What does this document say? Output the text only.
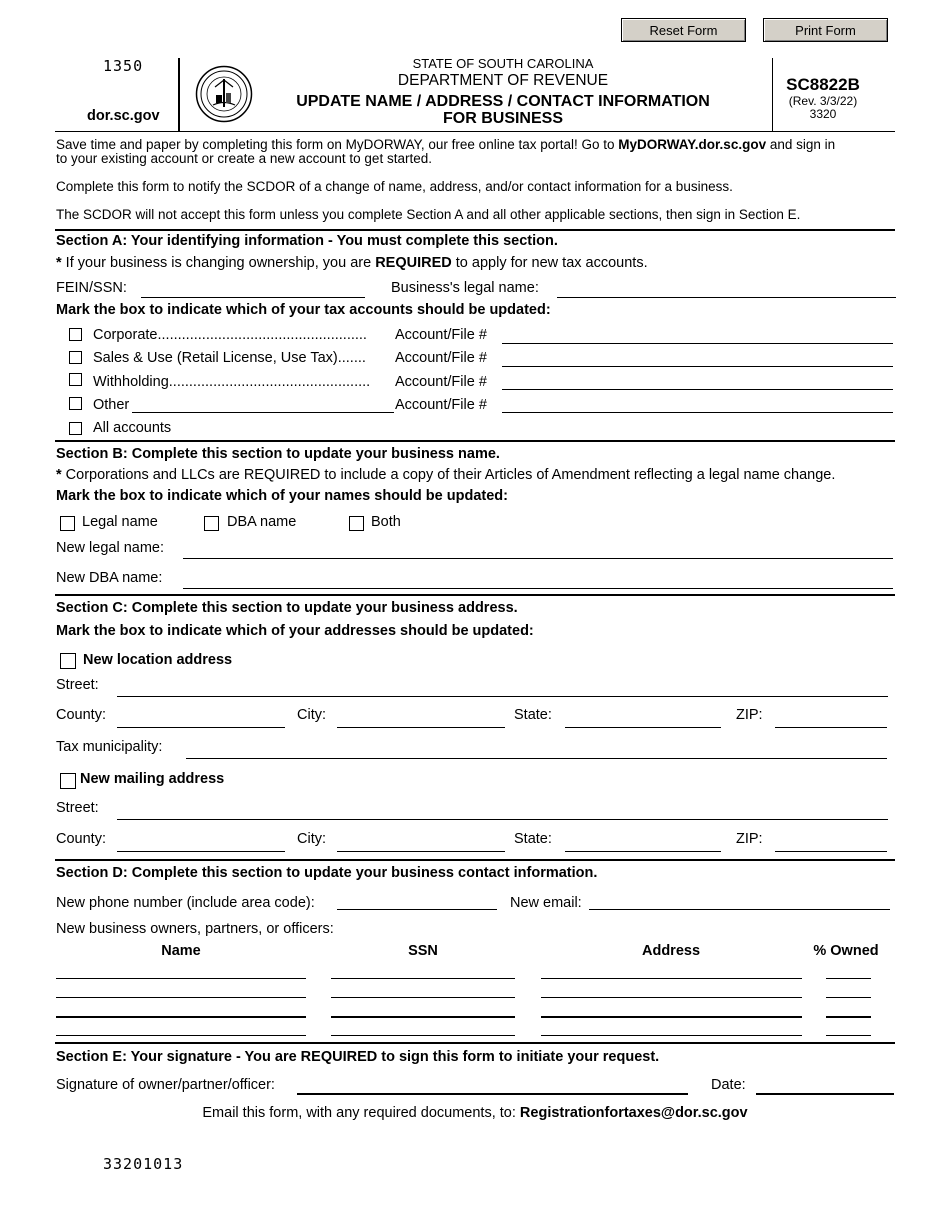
Reset Form	Print Form
1350
dor.sc.gov
STATE OF SOUTH CAROLINA
DEPARTMENT OF REVENUE
UPDATE NAME / ADDRESS / CONTACT INFORMATION
FOR BUSINESS
SC8822B
(Rev. 3/3/22)
3320
Save time and paper by completing this form on MyDORWAY, our free online tax portal! Go to MyDORWAY.dor.sc.gov and sign in
to your existing account or create a new account to get started.
Complete this form to notify the SCDOR of a change of name, address, and/or contact information for a business.
The SCDOR will not accept this form unless you complete Section A and all other applicable sections, then sign in Section E.
Section A: Your identifying information - You must complete this section.
* If your business is changing ownership, you are REQUIRED to apply for new tax accounts.
FEIN/SSN:	Business's legal name:
Mark the box to indicate which of your tax accounts should be updated:
Corporate.................................................... Account/File #
Sales & Use (Retail License, Use Tax)....... Account/File #
Withholding.................................................. Account/File #
Other	Account/File #
All accounts
Section B: Complete this section to update your business name.
* Corporations and LLCs are REQUIRED to include a copy of their Articles of Amendment reflecting a legal name change.
Mark the box to indicate which of your names should be updated:
Legal name	DBA name	Both
New legal name:
New DBA name:
Section C: Complete this section to update your business address.
Mark the box to indicate which of your addresses should be updated:
New location address
Street:
County:	City:	State:	ZIP:
Tax municipality:
New mailing address
Street:
County:	City:	State:	ZIP:
Section D: Complete this section to update your business contact information.
New phone number (include area code):	New email:
New business owners, partners, or officers:
Name	SSN	Address	% Owned
Section E: Your signature - You are REQUIRED to sign this form to initiate your request.
Signature of owner/partner/officer:	Date:
Email this form, with any required documents, to: Registrationfortaxes@dor.sc.gov
33201013
